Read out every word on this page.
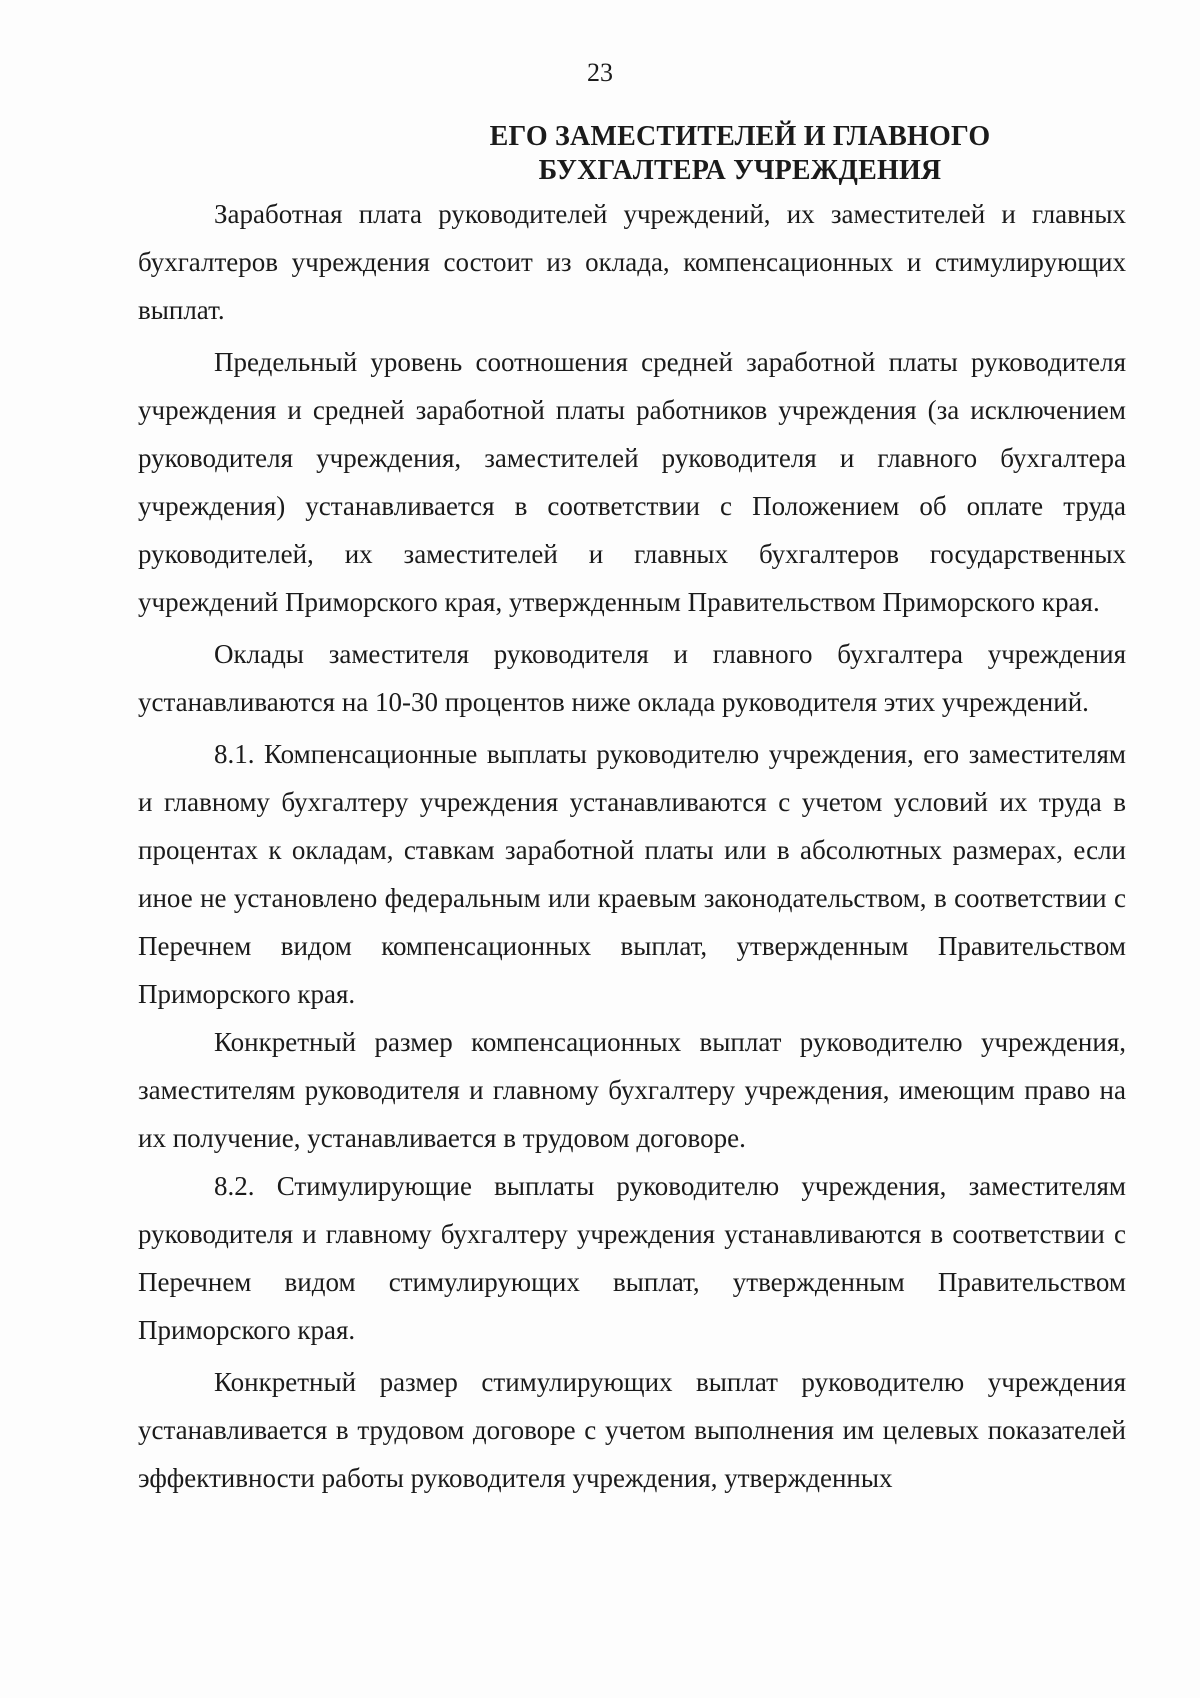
23
ЕГО ЗАМЕСТИТЕЛЕЙ И ГЛАВНОГО
БУХГАЛТЕРА УЧРЕЖДЕНИЯ

Заработная плата руководителей учреждений, их заместителей и главных бухгалтеров учреждения состоит из оклада, компенсационных и стимулирующих выплат.

Предельный уровень соотношения средней заработной платы руководителя учреждения и средней заработной платы работников учреждения (за исключением руководителя учреждения, заместителей руководителя и главного бухгалтера учреждения) устанавливается в соответствии с Положением об оплате труда руководителей, их заместителей и главных бухгалтеров государственных учреждений Приморского края, утвержденным Правительством Приморского края.

Оклады заместителя руководителя и главного бухгалтера учреждения устанавливаются на 10-30 процентов ниже оклада руководителя этих учреждений.

8.1. Компенсационные выплаты руководителю учреждения, его заместителям и главному бухгалтеру учреждения устанавливаются с учетом условий их труда в процентах к окладам, ставкам заработной платы или в абсолютных размерах, если иное не установлено федеральным или краевым законодательством, в соответствии с Перечнем видом компенсационных выплат, утвержденным Правительством Приморского края.

Конкретный размер компенсационных выплат руководителю учреждения, заместителям руководителя и главному бухгалтеру учреждения, имеющим право на их получение, устанавливается в трудовом договоре.

8.2. Стимулирующие выплаты руководителю учреждения, заместителям руководителя и главному бухгалтеру учреждения устанавливаются в соответствии с Перечнем видом стимулирующих выплат, утвержденным Правительством Приморского края.

Конкретный размер стимулирующих выплат руководителю учреждения устанавливается в трудовом договоре с учетом выполнения им целевых показателей эффективности работы руководителя учреждения, утвержденных
